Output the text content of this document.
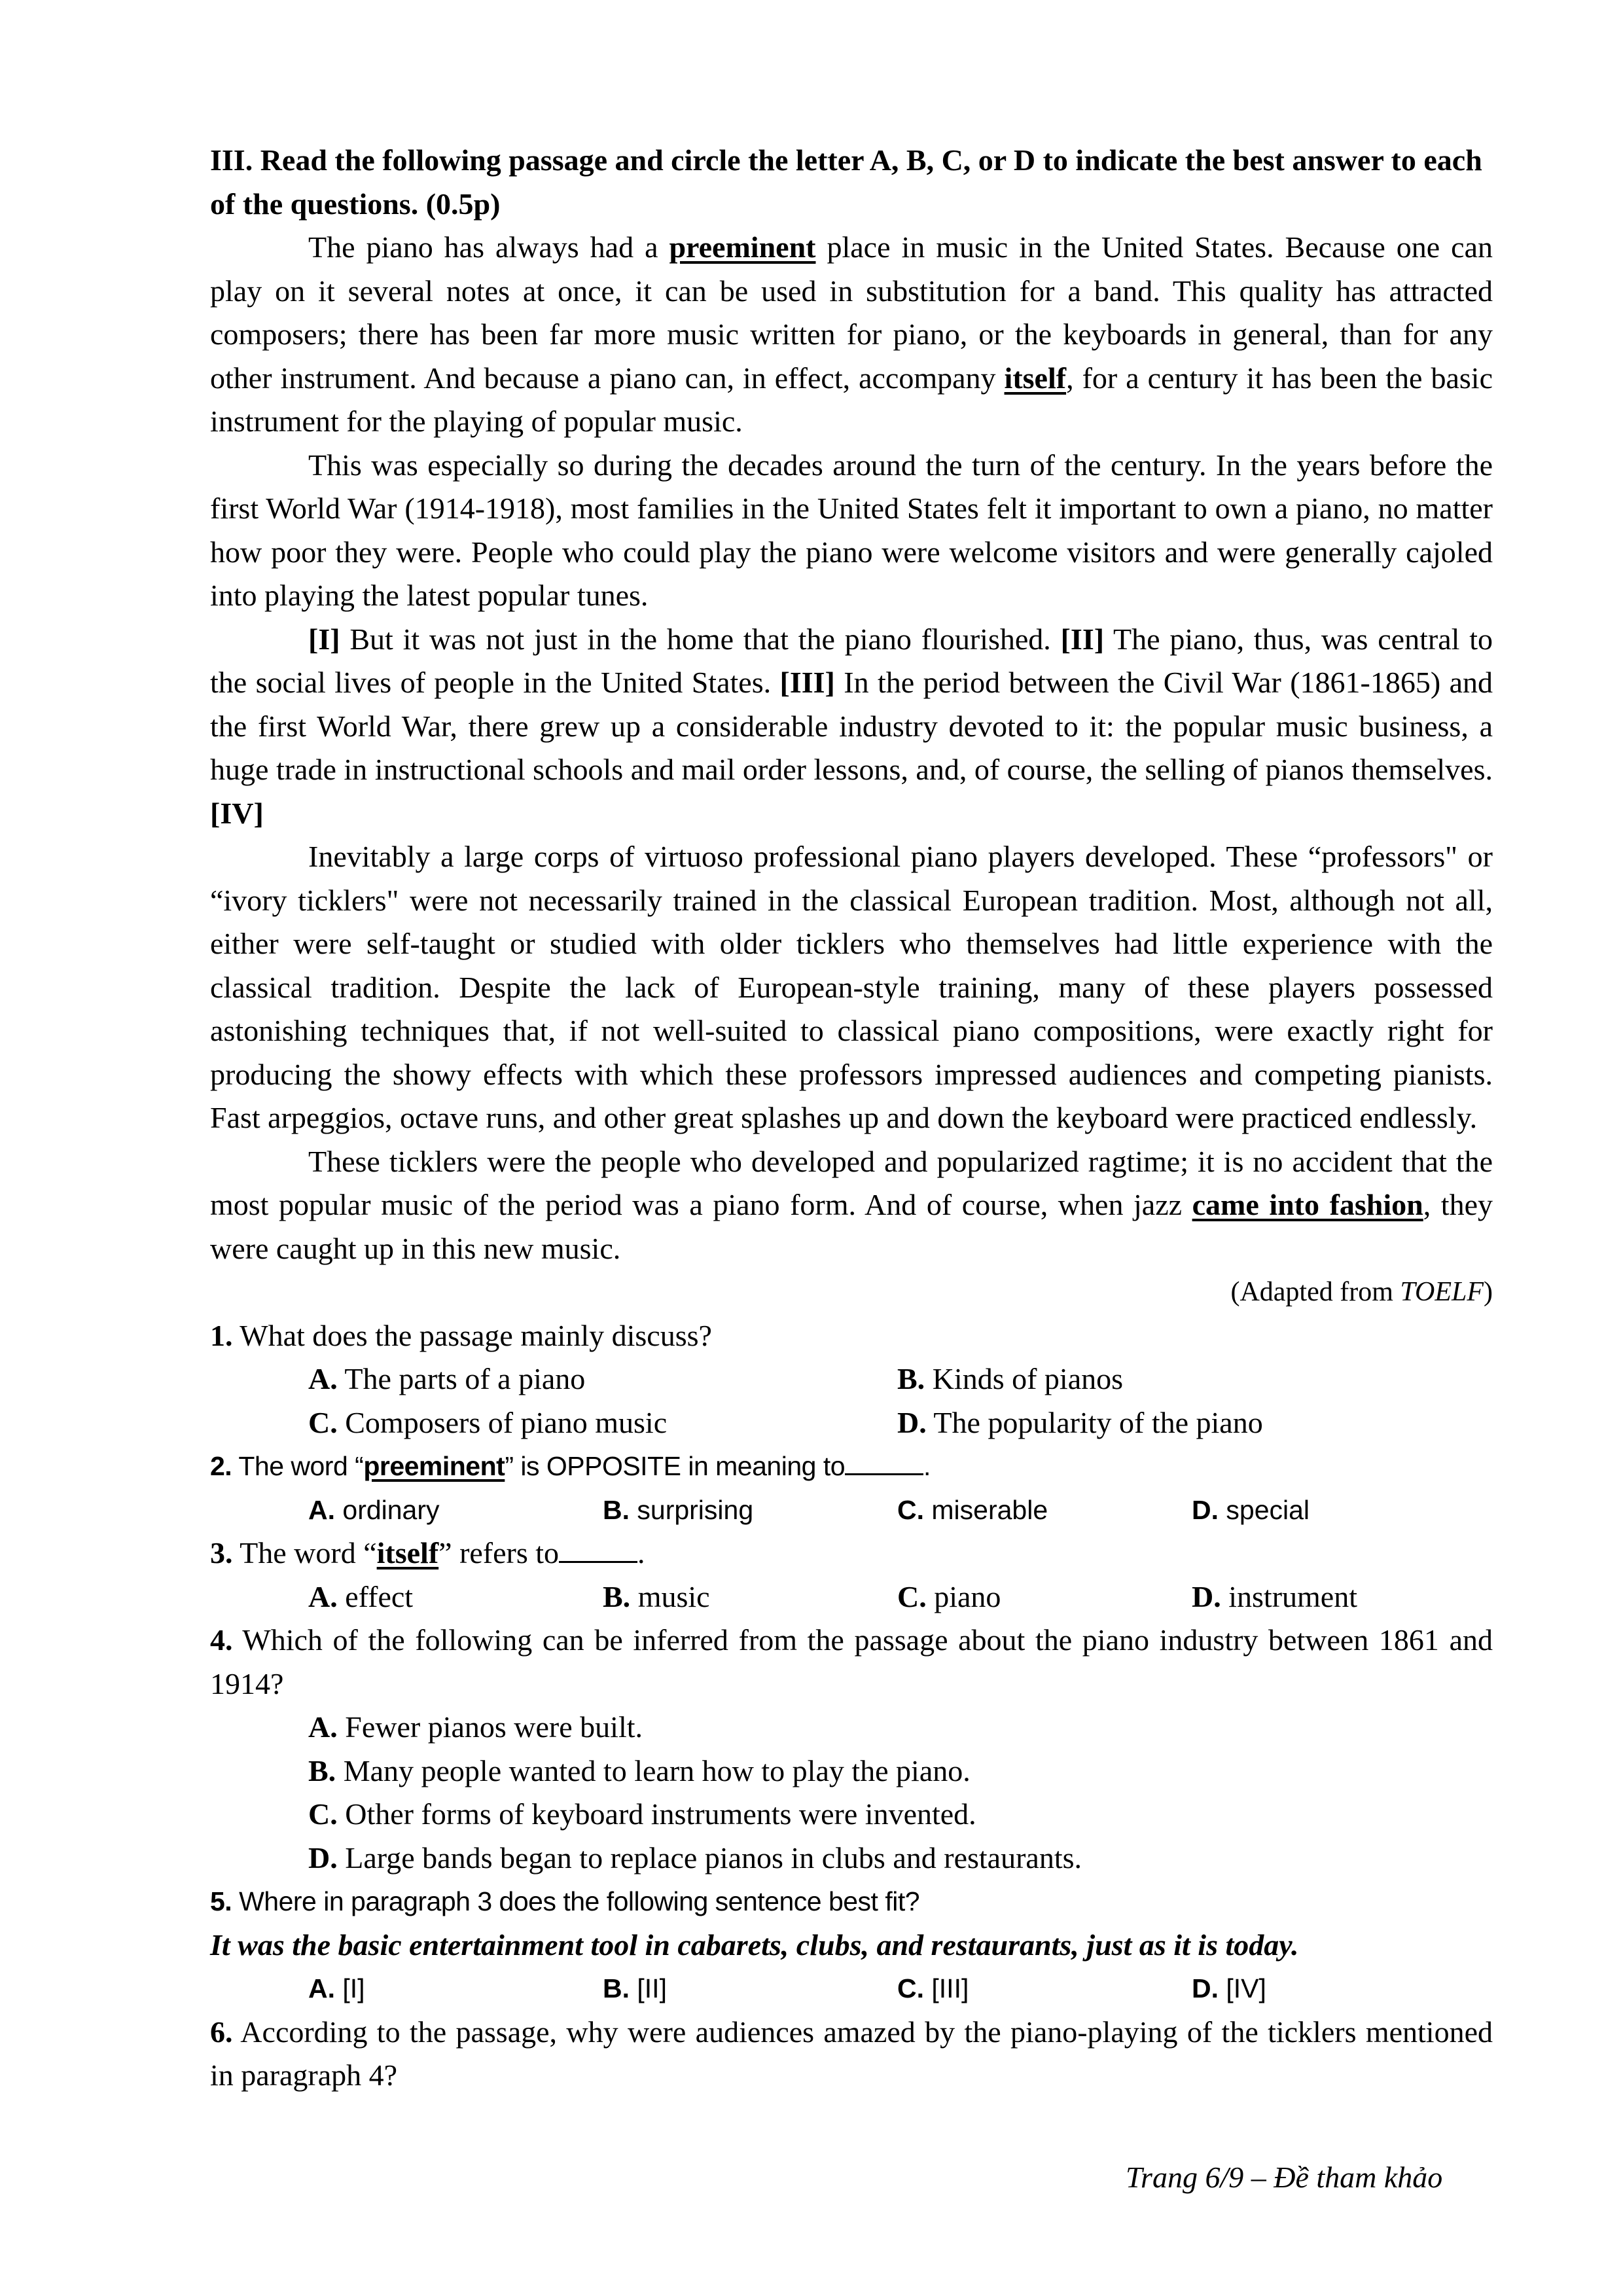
III. Read the following passage and circle the letter A, B, C, or D to indicate the best answer to each of the questions. (0.5p)

The piano has always had a preeminent place in music in the United States. Because one can play on it several notes at once, it can be used in substitution for a band. This quality has attracted composers; there has been far more music written for piano, or the keyboards in general, than for any other instrument. And because a piano can, in effect, accompany itself, for a century it has been the basic instrument for the playing of popular music.

This was especially so during the decades around the turn of the century. In the years before the first World War (1914-1918), most families in the United States felt it important to own a piano, no matter how poor they were. People who could play the piano were welcome visitors and were generally cajoled into playing the latest popular tunes.

[I] But it was not just in the home that the piano flourished. [II] The piano, thus, was central to the social lives of people in the United States. [III] In the period between the Civil War (1861-1865) and the first World War, there grew up a considerable industry devoted to it: the popular music business, a huge trade in instructional schools and mail order lessons, and, of course, the selling of pianos themselves. [IV]

Inevitably a large corps of virtuoso professional piano players developed. These “professors" or “ivory ticklers" were not necessarily trained in the classical European tradition. Most, although not all, either were self-taught or studied with older ticklers who themselves had little experience with the classical tradition. Despite the lack of European-style training, many of these players possessed astonishing techniques that, if not well-suited to classical piano compositions, were exactly right for producing the showy effects with which these professors impressed audiences and competing pianists. Fast arpeggios, octave runs, and other great splashes up and down the keyboard were practiced endlessly.

These ticklers were the people who developed and popularized ragtime; it is no accident that the most popular music of the period was a piano form. And of course, when jazz came into fashion, they were caught up in this new music.

(Adapted from TOELF)

1. What does the passage mainly discuss?

A. The parts of a piano	B. Kinds of pianos
C. Composers of piano music	D. The popularity of the piano

2. The word “preeminent” is OPPOSITE in meaning to	.

A. ordinary	B. surprising	C. miserable	D. special

3. The word “itself” refers to	.

A. effect	B. music	C. piano	D. instrument

4. Which of the following can be inferred from the passage about the piano industry between 1861 and 1914?

A. Fewer pianos were built.
B. Many people wanted to learn how to play the piano.
C. Other forms of keyboard instruments were invented.
D. Large bands began to replace pianos in clubs and restaurants.

5. Where in paragraph 3 does the following sentence best fit?

It was the basic entertainment tool in cabarets, clubs, and restaurants, just as it is today.

A. [I]	B. [II]	C. [III]	D. [IV]

6. According to the passage, why were audiences amazed by the piano-playing of the ticklers mentioned in paragraph 4?

Trang 6/9 – Đề tham khảo
